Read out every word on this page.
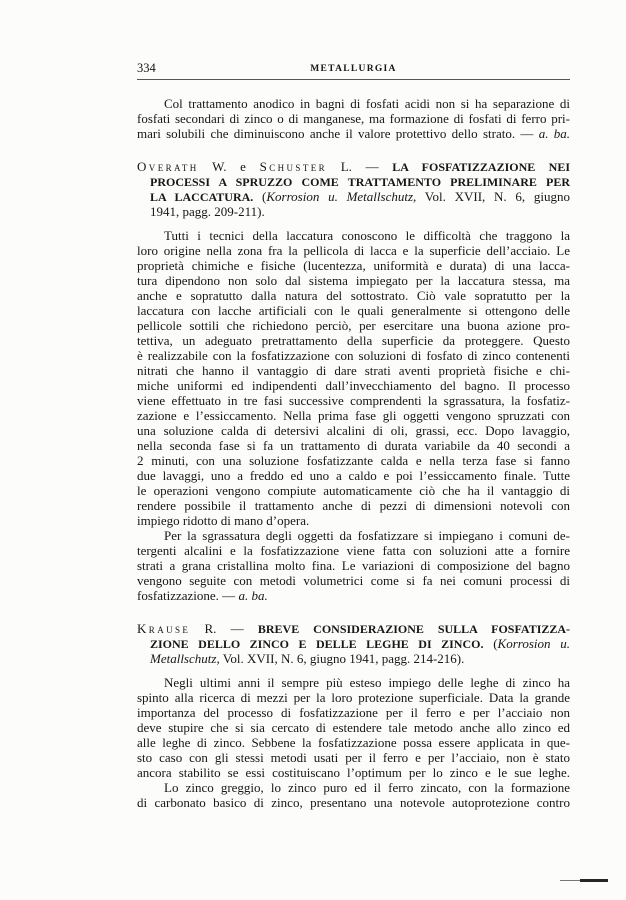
334	METALLURGIA
Col trattamento anodico in bagni di fosfati acidi non si ha separazione di
fosfati secondari di zinco o di manganese, ma formazione di fosfati di ferro pri-
mari solubili che diminuiscono anche il valore protettivo dello strato. — a. ba.
Overath W. e Schuster L. — LA FOSFATIZZAZIONE NEI
PROCESSI A SPRUZZO COME TRATTAMENTO PRELIMINARE PER
LA LACCATURA. (Korrosion u. Metallschutz, Vol. XVII, N. 6, giugno
1941, pagg. 209-211).
Tutti i tecnici della laccatura conoscono le difficoltà che traggono la
loro origine nella zona fra la pellicola di lacca e la superficie dell’acciaio. Le
proprietà chimiche e fisiche (lucentezza, uniformità e durata) di una lacca-
tura dipendono non solo dal sistema impiegato per la laccatura stessa, ma
anche e sopratutto dalla natura del sottostrato. Ciò vale sopratutto per la
laccatura con lacche artificiali con le quali generalmente si ottengono delle
pellicole sottili che richiedono perciò, per esercitare una buona azione pro-
tettiva, un adeguato pretrattamento della superficie da proteggere. Questo
è realizzabile con la fosfatizzazione con soluzioni di fosfato di zinco contenenti
nitrati che hanno il vantaggio di dare strati aventi proprietà fisiche e chi-
miche uniformi ed indipendenti dall’invecchiamento del bagno. Il processo
viene effettuato in tre fasi successive comprendenti la sgrassatura, la fosfatiz-
zazione e l’essiccamento. Nella prima fase gli oggetti vengono spruzzati con
una soluzione calda di detersivi alcalini di oli, grassi, ecc. Dopo lavaggio,
nella seconda fase si fa un trattamento di durata variabile da 40 secondi a
2 minuti, con una soluzione fosfatizzante calda e nella terza fase si fanno
due lavaggi, uno a freddo ed uno a caldo e poi l’essiccamento finale. Tutte
le operazioni vengono compiute automaticamente ciò che ha il vantaggio di
rendere possibile il trattamento anche di pezzi di dimensioni notevoli con
impiego ridotto di mano d’opera.
Per la sgrassatura degli oggetti da fosfatizzare si impiegano i comuni de-
tergenti alcalini e la fosfatizzazione viene fatta con soluzioni atte a fornire
strati a grana cristallina molto fina. Le variazioni di composizione del bagno
vengono seguite con metodi volumetrici come si fa nei comuni processi di
fosfatizzazione. — a. ba.
Krause R. — BREVE CONSIDERAZIONE SULLA FOSFATIZZA-
ZIONE DELLO ZINCO E DELLE LEGHE DI ZINCO. (Korrosion u.
Metallschutz, Vol. XVII, N. 6, giugno 1941, pagg. 214-216).
Negli ultimi anni il sempre più esteso impiego delle leghe di zinco ha
spinto alla ricerca di mezzi per la loro protezione superficiale. Data la grande
importanza del processo di fosfatizzazione per il ferro e per l’acciaio non
deve stupire che si sia cercato di estendere tale metodo anche allo zinco ed
alle leghe di zinco. Sebbene la fosfatizzazione possa essere applicata in que-
sto caso con gli stessi metodi usati per il ferro e per l’acciaio, non è stato
ancora stabilito se essi costituiscano l’optimum per lo zinco e le sue leghe.
Lo zinco greggio, lo zinco puro ed il ferro zincato, con la formazione
di carbonato basico di zinco, presentano una notevole autoprotezione contro
